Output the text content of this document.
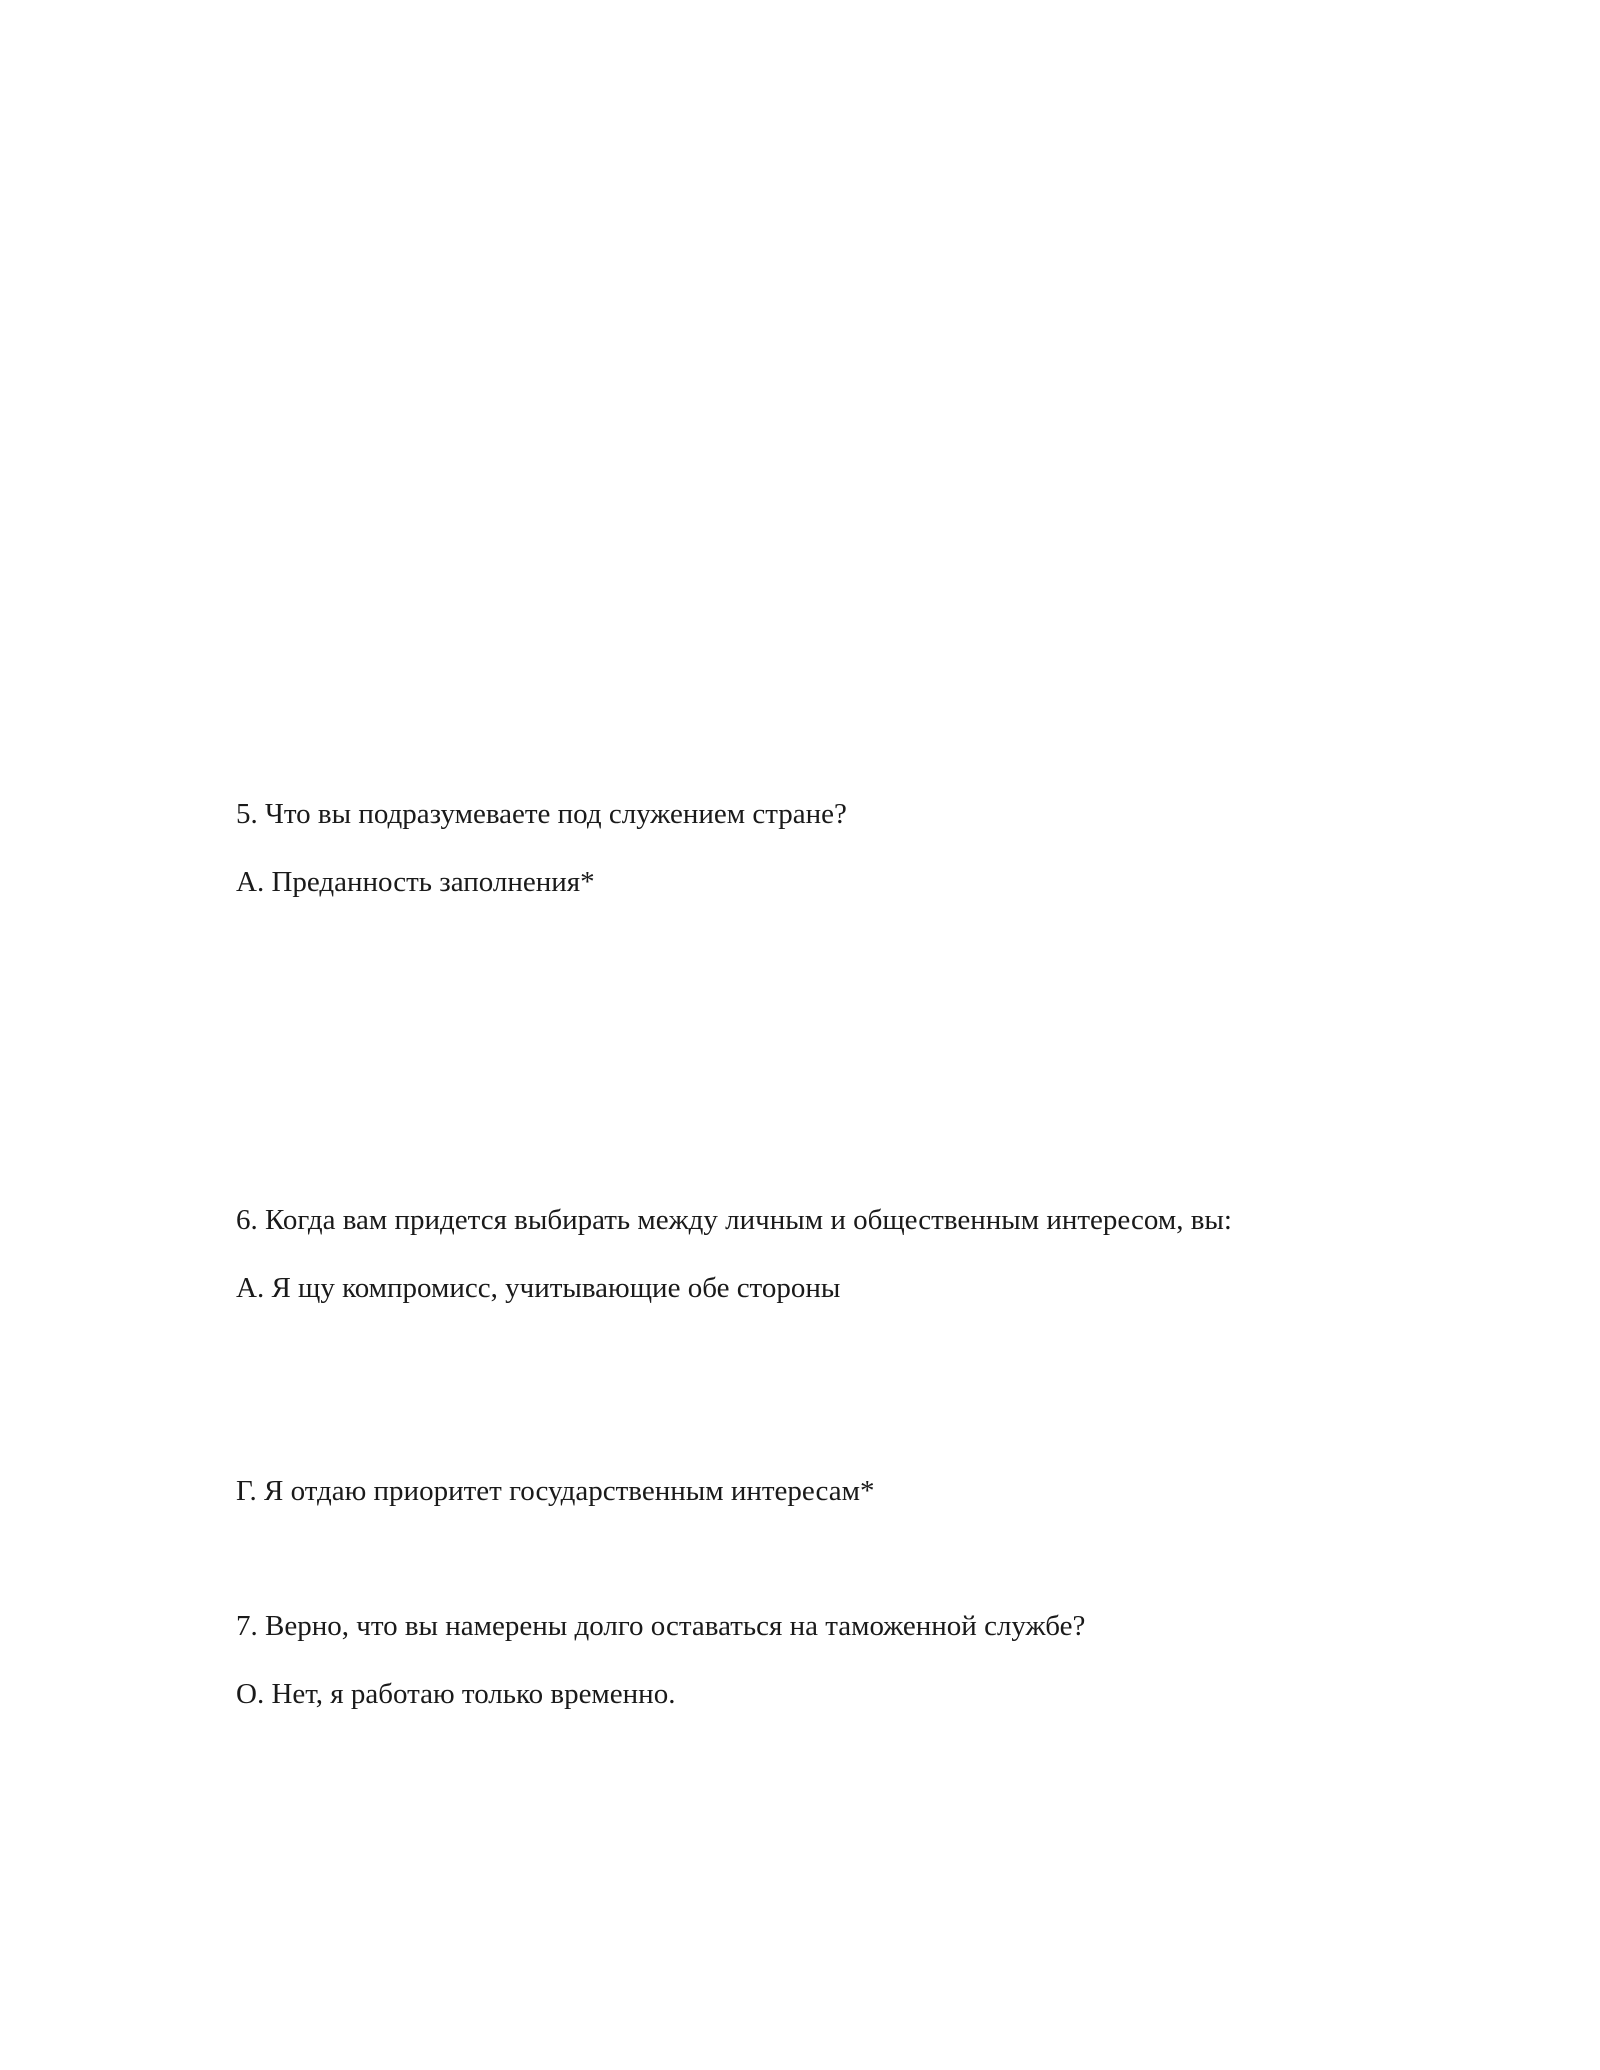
5. Что вы подразумеваете под служением стране?

А. Преданность заполнения*

6. Когда вам придется выбирать между личным и общественным интересом, вы:

А. Я щу компромисс, учитывающие обе стороны

Г. Я отдаю приоритет государственным интересам*

7. Верно, что вы намерены долго оставаться на таможенной службе?

О. Нет, я работаю только временно.
